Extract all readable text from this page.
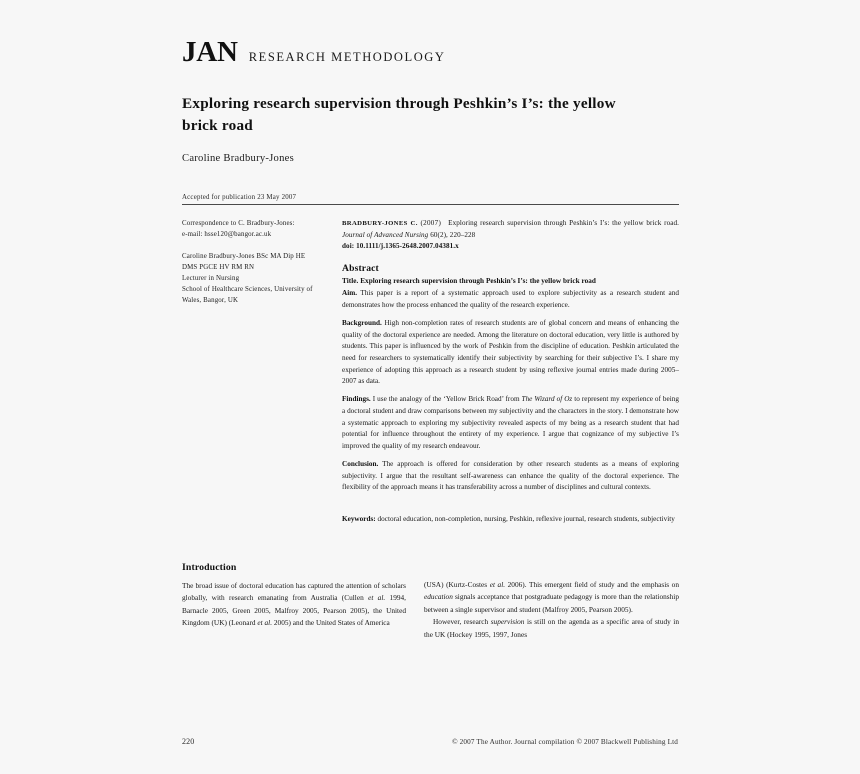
JAN RESEARCH METHODOLOGY
Exploring research supervision through Peshkin’s I’s: the yellow brick road
Caroline Bradbury-Jones
Accepted for publication 23 May 2007
Correspondence to C. Bradbury-Jones:
e-mail: hsse120@bangor.ac.uk
Caroline Bradbury-Jones BSc MA Dip HE
DMS PGCE HV RM RN
Lecturer in Nursing
School of Healthcare Sciences, University of
Wales, Bangor, UK
BRADBURY-JONES C. (2007) Exploring research supervision through Peshkin’s I’s: the yellow brick road. Journal of Advanced Nursing 60(2), 220–228
doi: 10.1111/j.1365-2648.2007.04381.x
Abstract
Title. Exploring research supervision through Peshkin’s I’s: the yellow brick road

Aim. This paper is a report of a systematic approach used to explore subjectivity as a research student and demonstrates how the process enhanced the quality of the research experience.

Background. High non-completion rates of research students are of global concern and means of enhancing the quality of the doctoral experience are needed. Among the literature on doctoral education, very little is authored by students. This paper is influenced by the work of Peshkin from the discipline of education. Peshkin articulated the need for researchers to systematically identify their subjectivity by searching for their subjective I’s. I share my experience of adopting this approach as a research student by using reflexive journal entries made during 2005–2007 as data.

Findings. I use the analogy of the ‘Yellow Brick Road’ from The Wizard of Oz to represent my experience of being a doctoral student and draw comparisons between my subjectivity and the characters in the story. I demonstrate how a systematic approach to exploring my subjectivity revealed aspects of my being as a research student that had potential for influence throughout the entirety of my experience. I argue that cognizance of my subjective I’s improved the quality of my research endeavour.

Conclusion. The approach is offered for consideration by other research students as a means of exploring subjectivity. I argue that the resultant self-awareness can enhance the quality of the doctoral experience. The flexibility of the approach means it has transferability across a number of disciplines and cultural contexts.

Keywords: doctoral education, non-completion, nursing, Peshkin, reflexive journal, research students, subjectivity

Introduction

The broad issue of doctoral education has captured the attention of scholars globally, with research emanating from Australia (Cullen et al. 1994, Barnacle 2005, Green 2005, Malfroy 2005, Pearson 2005), the United Kingdom (UK) (Leonard et al. 2005) and the United States of America

(USA) (Kurtz-Costes et al. 2006). This emergent field of study and the emphasis on education signals acceptance that postgraduate pedagogy is more than the relationship between a single supervisor and student (Malfroy 2005, Pearson 2005).

However, research supervision is still on the agenda as a specific area of study in the UK (Hockey 1995, 1997, Jones

220	© 2007 The Author. Journal compilation © 2007 Blackwell Publishing Ltd
